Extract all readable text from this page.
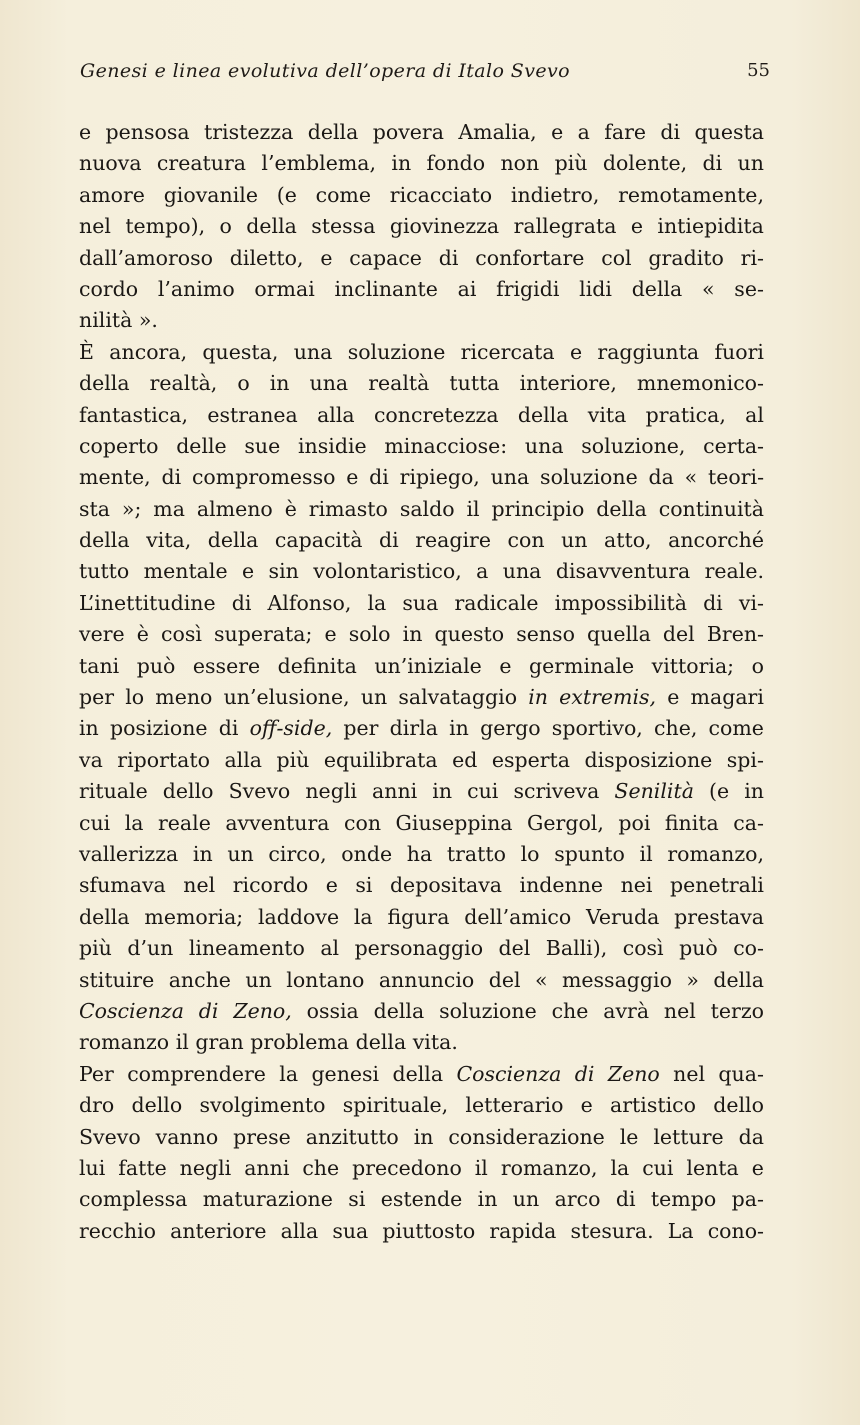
Genesi e linea evolutiva dell’opera di Italo Svevo	55
e pensosa tristezza della povera Amalia, e a fare di questa
nuova creatura l’emblema, in fondo non più dolente, di un
amore giovanile (e come ricacciato indietro, remotamente,
nel tempo), o della stessa giovinezza rallegrata e intiepidita
dall’amoroso diletto, e capace di confortare col gradito ri-
cordo l’animo ormai inclinante ai frigidi lidi della « se-
nilità ».
È ancora, questa, una soluzione ricercata e raggiunta fuori
della realtà, o in una realtà tutta interiore, mnemonico-
fantastica, estranea alla concretezza della vita pratica, al
coperto delle sue insidie minacciose: una soluzione, certa-
mente, di compromesso e di ripiego, una soluzione da « teori-
sta »; ma almeno è rimasto saldo il principio della continuità
della vita, della capacità di reagire con un atto, ancorché
tutto mentale e sin volontaristico, a una disavventura reale.
L’inettitudine di Alfonso, la sua radicale impossibilità di vi-
vere è così superata; e solo in questo senso quella del Bren-
tani può essere definita un’iniziale e germinale vittoria; o
per lo meno un’elusione, un salvataggio in extremis, e magari
in posizione di off-side, per dirla in gergo sportivo, che, come
va riportato alla più equilibrata ed esperta disposizione spi-
rituale dello Svevo negli anni in cui scriveva Senilità (e in
cui la reale avventura con Giuseppina Gergol, poi finita ca-
vallerizza in un circo, onde ha tratto lo spunto il romanzo,
sfumava nel ricordo e si depositava indenne nei penetrali
della memoria; laddove la figura dell’amico Veruda prestava
più d’un lineamento al personaggio del Balli), così può co-
stituire anche un lontano annuncio del « messaggio » della
Coscienza di Zeno, ossia della soluzione che avrà nel terzo
romanzo il gran problema della vita.
Per comprendere la genesi della Coscienza di Zeno nel qua-
dro dello svolgimento spirituale, letterario e artistico dello
Svevo vanno prese anzitutto in considerazione le letture da
lui fatte negli anni che precedono il romanzo, la cui lenta e
complessa maturazione si estende in un arco di tempo pa-
recchio anteriore alla sua piuttosto rapida stesura. La cono-
